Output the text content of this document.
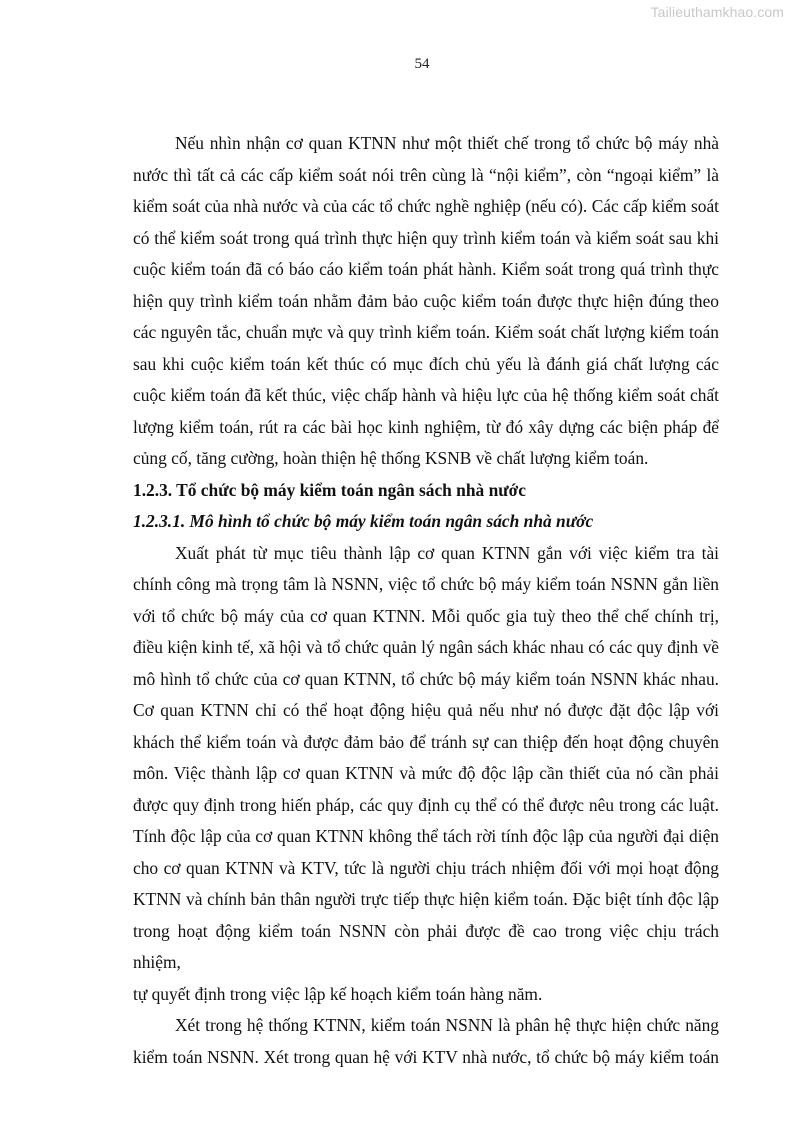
Tailieuthamkhao.com
54

Nếu nhìn nhận cơ quan KTNN như một thiết chế trong tổ chức bộ máy nhà
nước thì tất cả các cấp kiểm soát nói trên cùng là “nội kiểm”, còn “ngoại kiểm” là
kiểm soát của nhà nước và của các tổ chức nghề nghiệp (nếu có). Các cấp kiểm soát
có thể kiểm soát trong quá trình thực hiện quy trình kiểm toán và kiểm soát sau khi
cuộc kiểm toán đã có báo cáo kiểm toán phát hành. Kiểm soát trong quá trình thực
hiện quy trình kiểm toán nhằm đảm bảo cuộc kiểm toán được thực hiện đúng theo
các nguyên tắc, chuẩn mực và quy trình kiểm toán. Kiểm soát chất lượng kiểm toán
sau khi cuộc kiểm toán kết thúc có mục đích chủ yếu là đánh giá chất lượng các
cuộc kiểm toán đã kết thúc, việc chấp hành và hiệu lực của hệ thống kiểm soát chất
lượng kiểm toán, rút ra các bài học kinh nghiệm, từ đó xây dựng các biện pháp để
củng cố, tăng cường, hoàn thiện hệ thống KSNB về chất lượng kiểm toán.

1.2.3. Tổ chức bộ máy kiểm toán ngân sách nhà nước
1.2.3.1. Mô hình tổ chức bộ máy kiểm toán ngân sách nhà nước

Xuất phát từ mục tiêu thành lập cơ quan KTNN gắn với việc kiểm tra tài
chính công mà trọng tâm là NSNN, việc tổ chức bộ máy kiểm toán NSNN gắn liền
với tổ chức bộ máy của cơ quan KTNN. Mỗi quốc gia tuỳ theo thể chế chính trị,
điều kiện kinh tế, xã hội và tổ chức quản lý ngân sách khác nhau có các quy định về
mô hình tổ chức của cơ quan KTNN, tổ chức bộ máy kiểm toán NSNN khác nhau.
Cơ quan KTNN chỉ có thể hoạt động hiệu quả nếu như nó được đặt độc lập với
khách thể kiểm toán và được đảm bảo để tránh sự can thiệp đến hoạt động chuyên
môn. Việc thành lập cơ quan KTNN và mức độ độc lập cần thiết của nó cần phải
được quy định trong hiến pháp, các quy định cụ thể có thể được nêu trong các luật.
Tính độc lập của cơ quan KTNN không thể tách rời tính độc lập của người đại diện
cho cơ quan KTNN và KTV, tức là người chịu trách nhiệm đối với mọi hoạt động
KTNN và chính bản thân người trực tiếp thực hiện kiểm toán. Đặc biệt tính độc lập
trong hoạt động kiểm toán NSNN còn phải được đề cao trong việc chịu trách nhiệm,
tự quyết định trong việc lập kế hoạch kiểm toán hàng năm.

Xét trong hệ thống KTNN, kiểm toán NSNN là phân hệ thực hiện chức năng
kiểm toán NSNN. Xét trong quan hệ với KTV nhà nước, tổ chức bộ máy kiểm toán
